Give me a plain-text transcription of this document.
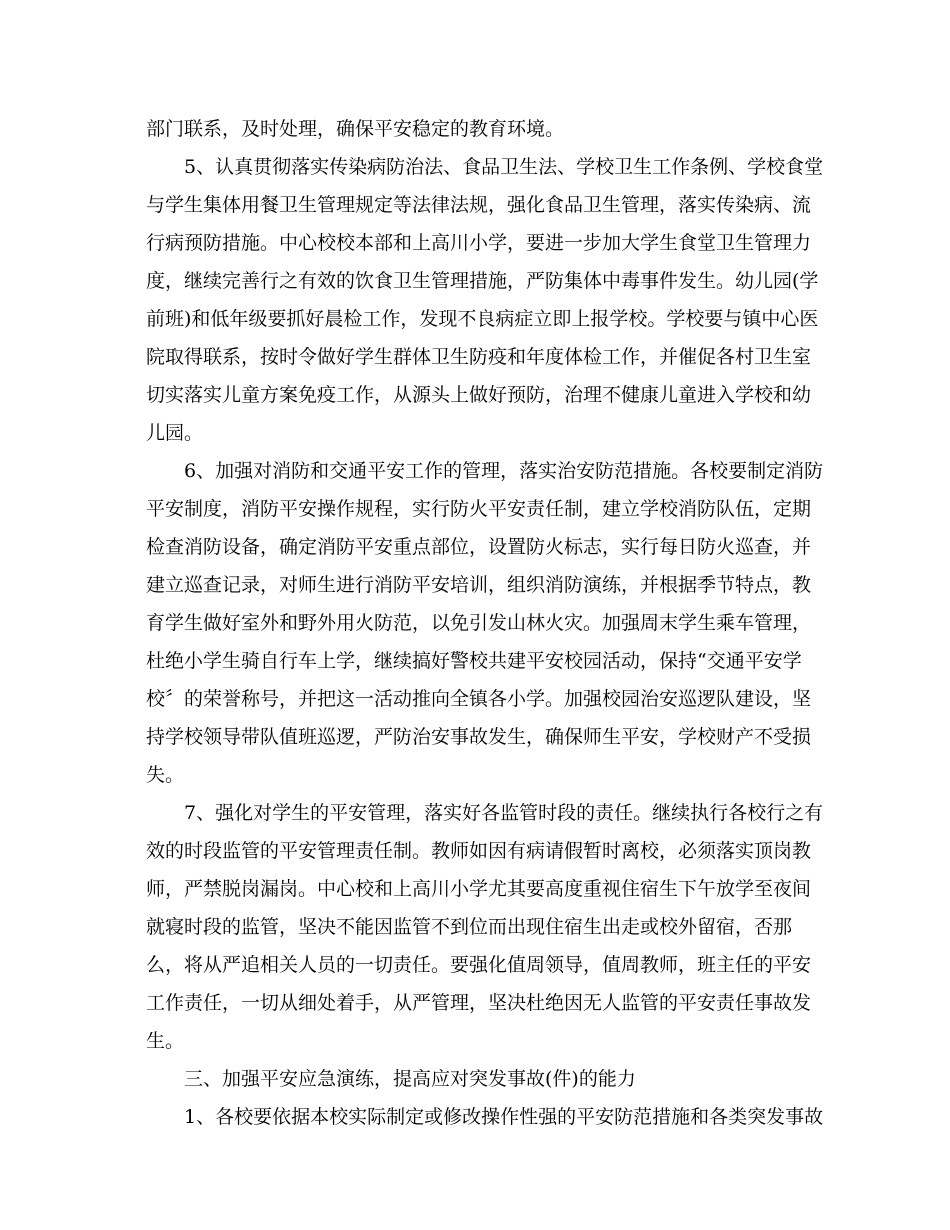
部门联系，及时处理，确保平安稳定的教育环境。
5、认真贯彻落实传染病防治法、食品卫生法、学校卫生工作条例、学校食堂
与学生集体用餐卫生管理规定等法律法规，强化食品卫生管理，落实传染病、流
行病预防措施。中心校校本部和上高川小学，要进一步加大学生食堂卫生管理力
度，继续完善行之有效的饮食卫生管理措施，严防集体中毒事件发生。幼儿园(学
前班)和低年级要抓好晨检工作，发现不良病症立即上报学校。学校要与镇中心医
院取得联系，按时令做好学生群体卫生防疫和年度体检工作，并催促各村卫生室
切实落实儿童方案免疫工作，从源头上做好预防，治理不健康儿童进入学校和幼
儿园。
6、加强对消防和交通平安工作的管理，落实治安防范措施。各校要制定消防
平安制度，消防平安操作规程，实行防火平安责任制，建立学校消防队伍，定期
检查消防设备，确定消防平安重点部位，设置防火标志，实行每日防火巡查，并
建立巡查记录，对师生进行消防平安培训，组织消防演练，并根据季节特点，教
育学生做好室外和野外用火防范，以免引发山林火灾。加强周末学生乘车管理，
杜绝小学生骑自行车上学，继续搞好警校共建平安校园活动，保持“交通平安学
校〞的荣誉称号，并把这一活动推向全镇各小学。加强校园治安巡逻队建设，坚
持学校领导带队值班巡逻，严防治安事故发生，确保师生平安，学校财产不受损
失。
7、强化对学生的平安管理，落实好各监管时段的责任。继续执行各校行之有
效的时段监管的平安管理责任制。教师如因有病请假暂时离校，必须落实顶岗教
师，严禁脱岗漏岗。中心校和上高川小学尤其要高度重视住宿生下午放学至夜间
就寝时段的监管，坚决不能因监管不到位而出现住宿生出走或校外留宿，否那
么，将从严追相关人员的一切责任。要强化值周领导，值周教师，班主任的平安
工作责任，一切从细处着手，从严管理，坚决杜绝因无人监管的平安责任事故发
生。
三、加强平安应急演练，提高应对突发事故(件)的能力
1、各校要依据本校实际制定或修改操作性强的平安防范措施和各类突发事故
